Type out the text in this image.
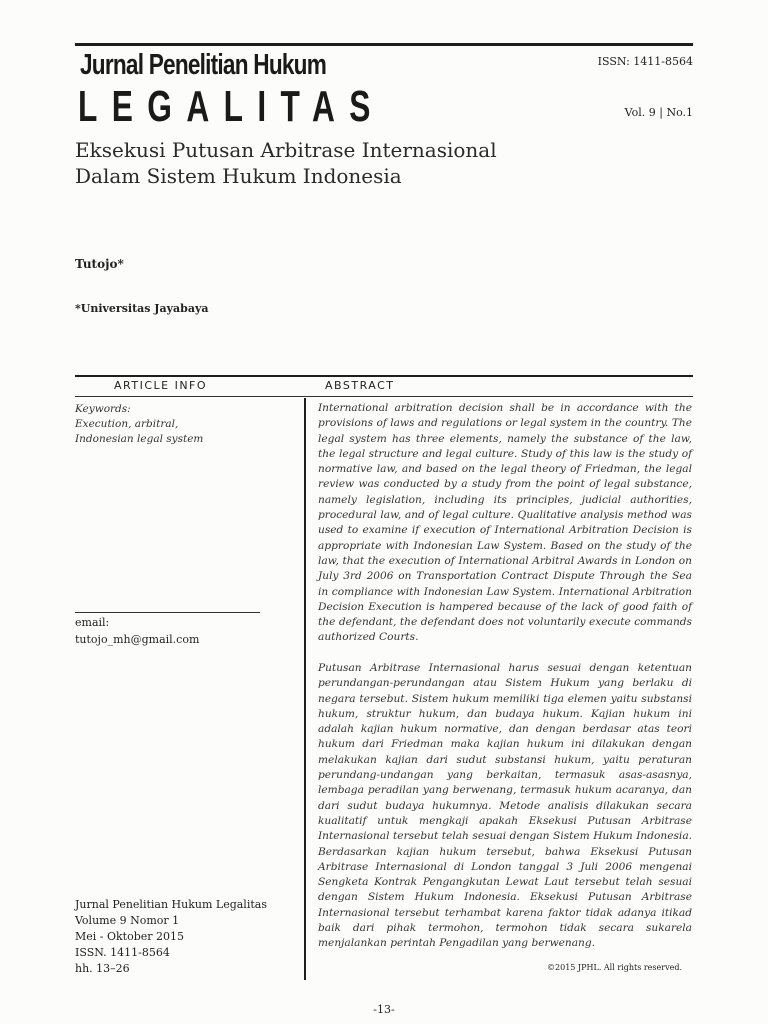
Jurnal Penelitian Hukum
LEGALITAS
ISSN: 1411-8564
Vol. 9 | No.1
Eksekusi Putusan Arbitrase Internasional
Dalam Sistem Hukum Indonesia
Tutojo*
*Universitas Jayabaya
ARTICLE INFO	ABSTRACT
Keywords:
Execution, arbitral,
Indonesian legal system
email:
tutojo_mh@gmail.com
Jurnal Penelitian Hukum Legalitas
Volume 9 Nomor 1
Mei - Oktober 2015
ISSN. 1411-8564
hh. 13–26
International arbitration decision shall be in accordance with the provisions of laws and regulations or legal system in the country. The legal system has three elements, namely the substance of the law, the legal structure and legal culture. Study of this law is the study of normative law, and based on the legal theory of Friedman, the legal review was conducted by a study from the point of legal substance, namely legislation, including its principles, judicial authorities, procedural law, and of legal culture. Qualitative analysis method was used to examine if execution of International Arbitration Decision is appropriate with Indonesian Law System. Based on the study of the law, that the execution of International Arbitral Awards in London on July 3rd 2006 on Transportation Contract Dispute Through the Sea in compliance with Indonesian Law System. International Arbitration Decision Execution is hampered because of the lack of good faith of the defendant, the defendant does not voluntarily execute commands authorized Courts.
Putusan Arbitrase Internasional harus sesuai dengan ketentuan perundangan-perundangan atau Sistem Hukum yang berlaku di negara tersebut. Sistem hukum memiliki tiga elemen yaitu substansi hukum, struktur hukum, dan budaya hukum. Kajian hukum ini adalah kajian hukum normative, dan dengan berdasar atas teori hukum dari Friedman maka kajian hukum ini dilakukan dengan melakukan kajian dari sudut substansi hukum, yaitu peraturan perundang-undangan yang berkaitan, termasuk asas-asasnya, lembaga peradilan yang berwenang, termasuk hukum acaranya, dan dari sudut budaya hukumnya. Metode analisis dilakukan secara kualitatif untuk mengkaji apakah Eksekusi Putusan Arbitrase Internasional tersebut telah sesuai dengan Sistem Hukum Indonesia. Berdasarkan kajian hukum tersebut, bahwa Eksekusi Putusan Arbitrase Internasional di London tanggal 3 Juli 2006 mengenai Sengketa Kontrak Pengangkutan Lewat Laut tersebut telah sesuai dengan Sistem Hukum Indonesia. Eksekusi Putusan Arbitrase Internasional tersebut terhambat karena faktor tidak adanya itikad baik dari pihak termohon, termohon tidak secara sukarela menjalankan perintah Pengadilan yang berwenang.
©2015 JPHL. All rights reserved.
-13-
